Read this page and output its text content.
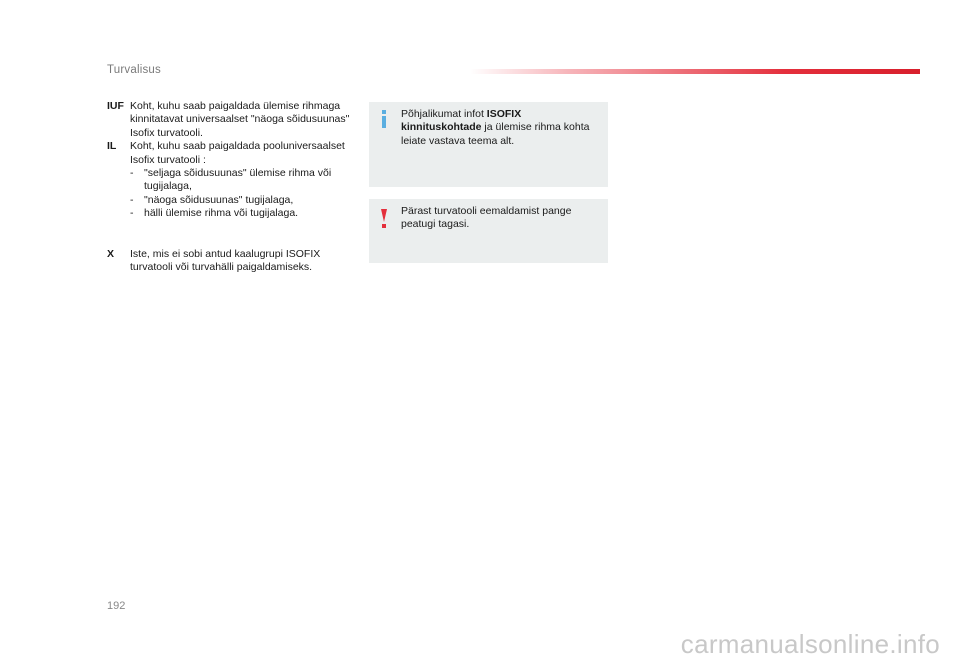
Turvalisus
IUF Koht, kuhu saab paigaldada ülemise rihmaga kinnitatavat universaalset "näoga sõidusuunas" Isofix turvatooli.
IL	Koht, kuhu saab paigaldada pooluniversaalset Isofix turvatooli :
-	"seljaga sõidusuunas" ülemise rihma või tugijalaga,
-	"näoga sõidusuunas" tugijalaga,
-	hälli ülemise rihma või tugijalaga.
X	Iste, mis ei sobi antud kaalugrupi ISOFIX turvatooli või turvahälli paigaldamiseks.
Põhjalikumat infot ISOFIX kinnituskohtade ja ülemise rihma kohta leiate vastava teema alt.
Pärast turvatooli eemaldamist pange peatugi tagasi.
192
carmanualsonline.info
